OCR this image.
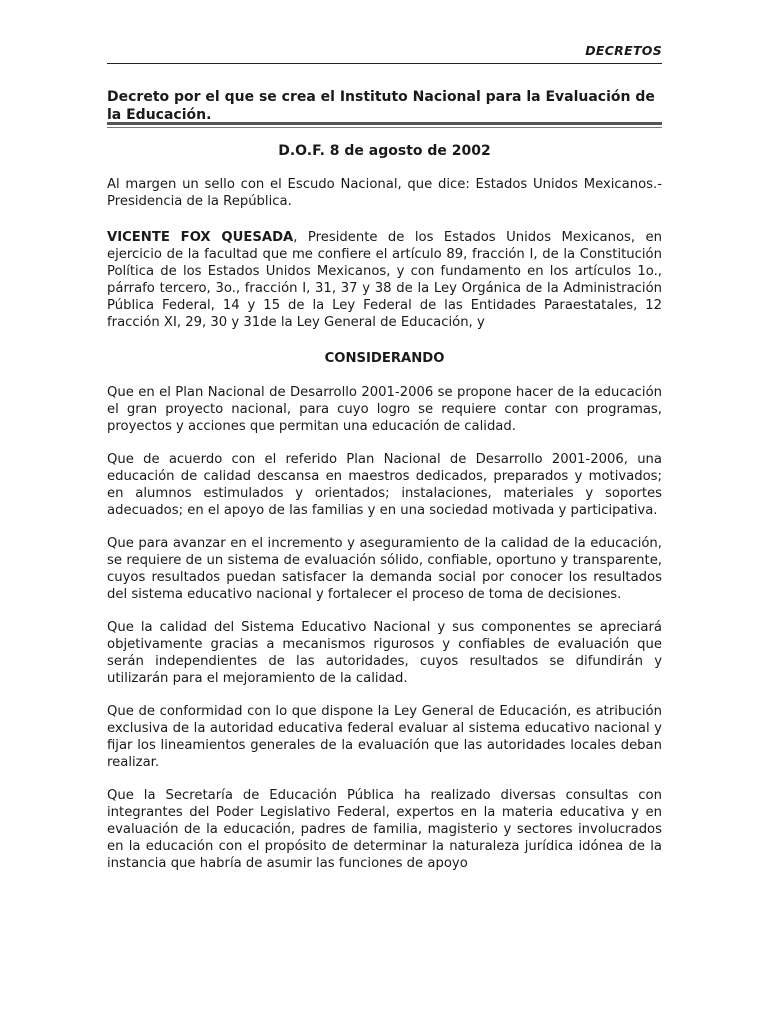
DECRETOS
Decreto por el que se crea el Instituto Nacional para la Evaluación de la Educación.
D.O.F. 8 de agosto de 2002

Al margen un sello con el Escudo Nacional, que dice: Estados Unidos Mexicanos.- Presidencia de la República.

VICENTE FOX QUESADA, Presidente de los Estados Unidos Mexicanos, en ejercicio de la facultad que me confiere el artículo 89, fracción I, de la Constitución Política de los Estados Unidos Mexicanos, y con fundamento en los artículos 1o., párrafo tercero, 3o., fracción I, 31, 37 y 38 de la Ley Orgánica de la Administración Pública Federal, 14 y 15 de la Ley Federal de las Entidades Paraestatales, 12 fracción XI, 29, 30 y 31de la Ley General de Educación, y

CONSIDERANDO

Que en el Plan Nacional de Desarrollo 2001-2006 se propone hacer de la educación el gran proyecto nacional, para cuyo logro se requiere contar con programas, proyectos y acciones que permitan una educación de calidad.

Que de acuerdo con el referido Plan Nacional de Desarrollo 2001-2006, una educación de calidad descansa en maestros dedicados, preparados y motivados; en alumnos estimulados y orientados; instalaciones, materiales y soportes adecuados; en el apoyo de las familias y en una sociedad motivada y participativa.

Que para avanzar en el incremento y aseguramiento de la calidad de la educación, se requiere de un sistema de evaluación sólido, confiable, oportuno y transparente, cuyos resultados puedan satisfacer la demanda social por conocer los resultados del sistema educativo nacional y fortalecer el proceso de toma de decisiones.

Que la calidad del Sistema Educativo Nacional y sus componentes se apreciará objetivamente gracias a mecanismos rigurosos y confiables de evaluación que serán independientes de las autoridades, cuyos resultados se difundirán y utilizarán para el mejoramiento de la calidad.

Que de conformidad con lo que dispone la Ley General de Educación, es atribución exclusiva de la autoridad educativa federal evaluar al sistema educativo nacional y fijar los lineamientos generales de la evaluación que las autoridades locales deban realizar.

Que la Secretaría de Educación Pública ha realizado diversas consultas con integrantes del Poder Legislativo Federal, expertos en la materia educativa y en evaluación de la educación, padres de familia, magisterio y sectores involucrados en la educación con el propósito de determinar la naturaleza jurídica idónea de la instancia que habría de asumir las funciones de apoyo
